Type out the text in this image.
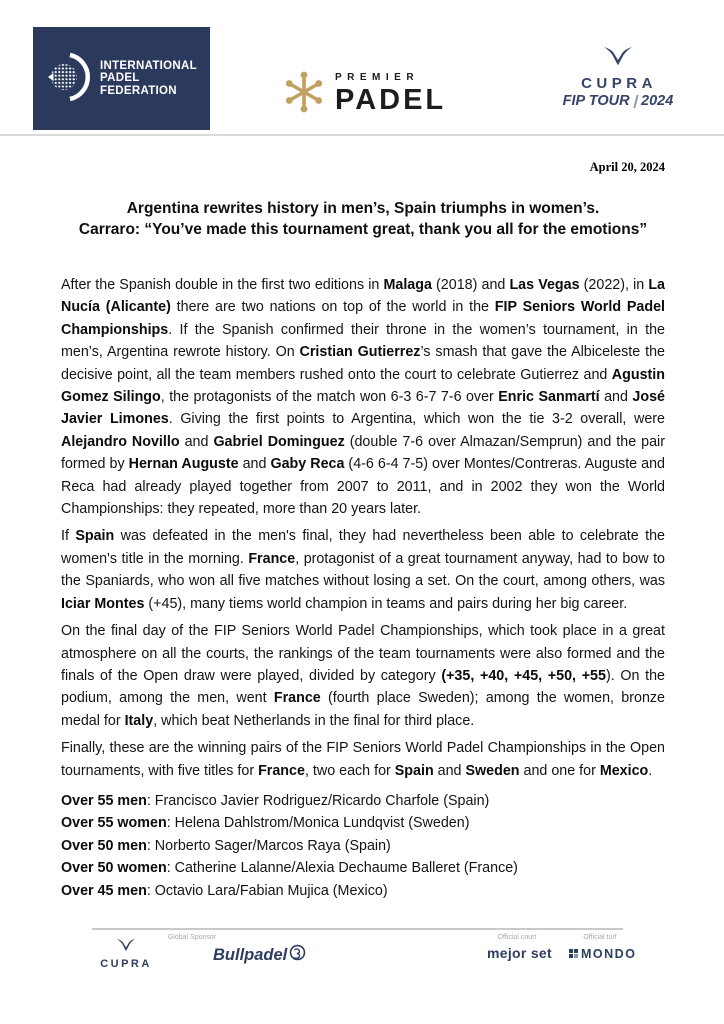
INTERNATIONAL
PADEL
FEDERATION
PREMIER
PADEL
CUPRA
FIP TOUR 2024
April 20, 2024
Argentina rewrites history in men’s, Spain triumphs in women’s.
Carraro: “You’ve made this tournament great, thank you all for the emotions”

After the Spanish double in the first two editions in Malaga (2018) and Las Vegas (2022), in La Nucía (Alicante) there are two nations on top of the world in the FIP Seniors World Padel Championships. If the Spanish confirmed their throne in the women’s tournament, in the men’s, Argentina rewrote history. On Cristian Gutierrez’s smash that gave the Albiceleste the decisive point, all the team members rushed onto the court to celebrate Gutierrez and Agustin Gomez Silingo, the protagonists of the match won 6-3 6-7 7-6 over Enric Sanmartí and José Javier Limones. Giving the first points to Argentina, which won the tie 3-2 overall, were Alejandro Novillo and Gabriel Dominguez (double 7-6 over Almazan/Semprun) and the pair formed by Hernan Auguste and Gaby Reca (4-6 6-4 7-5) over Montes/Contreras. Auguste and Reca had already played together from 2007 to 2011, and in 2002 they won the World Championships: they repeated, more than 20 years later.

If Spain was defeated in the men's final, they had nevertheless been able to celebrate the women's title in the morning. France, protagonist of a great tournament anyway, had to bow to the Spaniards, who won all five matches without losing a set. On the court, among others, was Iciar Montes (+45), many tiems world champion in teams and pairs during her big career.

On the final day of the FIP Seniors World Padel Championships, which took place in a great atmosphere on all the courts, the rankings of the team tournaments were also formed and the finals of the Open draw were played, divided by category (+35, +40, +45, +50, +55). On the podium, among the men, went France (fourth place Sweden); among the women, bronze medal for Italy, which beat Netherlands in the final for third place.

Finally, these are the winning pairs of the FIP Seniors World Padel Championships in the Open tournaments, with five titles for France, two each for Spain and Sweden and one for Mexico.

Over 55 men: Francisco Javier Rodriguez/Ricardo Charfole (Spain)
Over 55 women: Helena Dahlstrom/Monica Lundqvist (Sweden)
Over 50 men: Norberto Sager/Marcos Raya (Spain)
Over 50 women: Catherine Lalanne/Alexia Dechaume Balleret (France)
Over 45 men: Octavio Lara/Fabian Mujica (Mexico)
Global Sponsor	Official court	Official turf
CUPRA
Bullpadel	mejor set MONDO
